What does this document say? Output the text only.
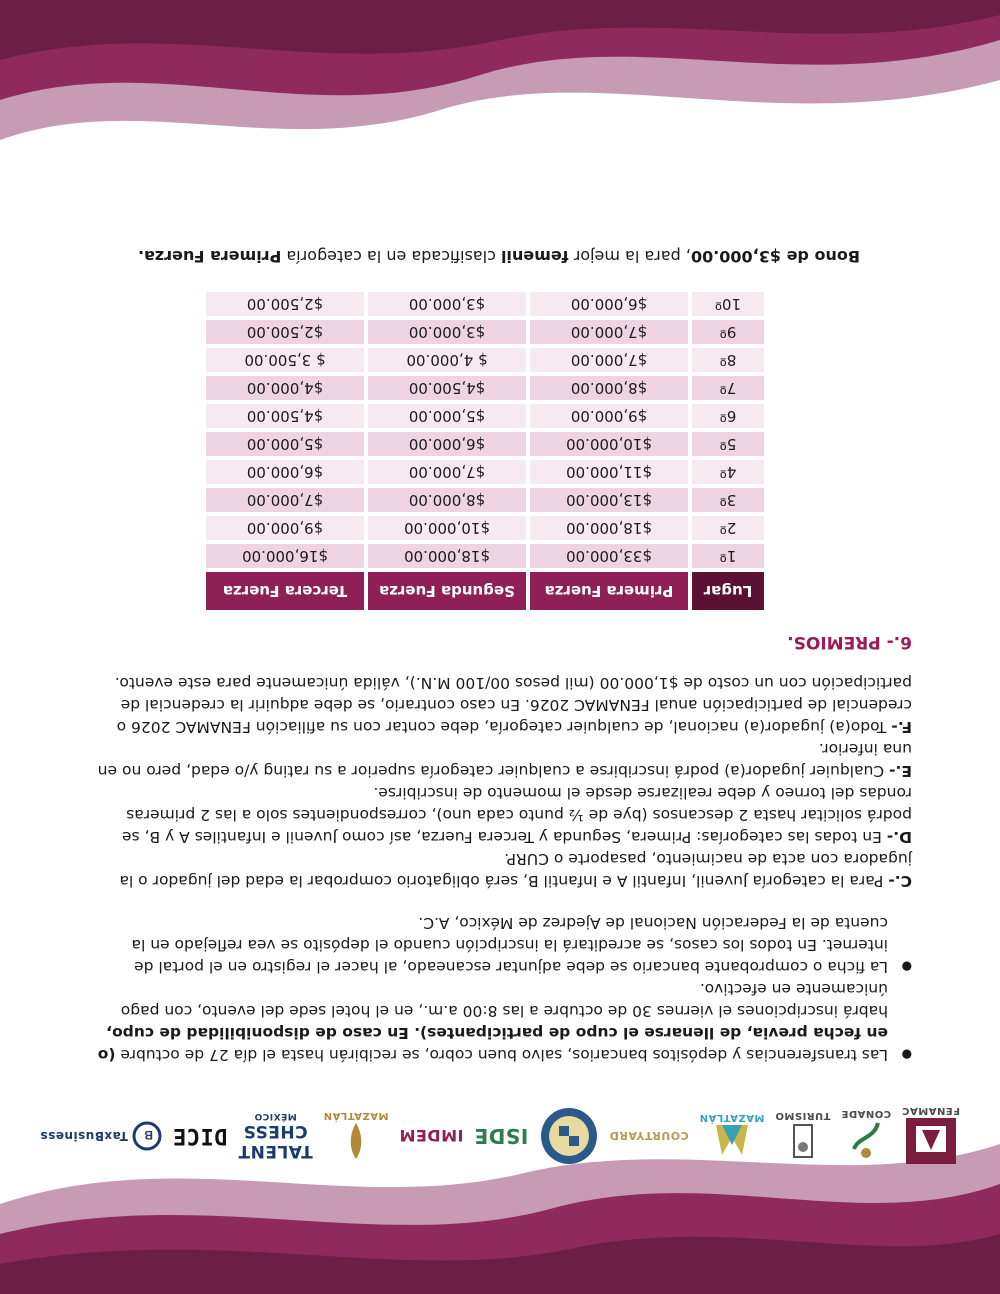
FENAMAC
CONADE
TURISMO
MAZATLÁN
COURTYARD
ISDE
IMDEM
MAZATLÁN
TALENT
CHESS
MÉXICO
DICE
B
TaxBusiness
● Las transferencias y depósitos bancarios, salvo buen cobro, se recibirán hasta el día 27 de octubre (o en fecha previa, de llenarse el cupo de participantes). En caso de disponibilidad de cupo, habrá inscripciones el viernes 30 de octubre a las 8:00 a.m., en el hotel sede del evento, con pago únicamente en efectivo.
● La ficha o comprobante bancario se debe adjuntar escaneado, al hacer el registro en el portal de internet. En todos los casos, se acreditará la inscripción cuando el depósito se vea reflejado en la cuenta de la Federación Nacional de Ajedrez de México, A.C.

C.- Para la categoría Juvenil, Infantil A e Infantil B, será obligatorio comprobar la edad del jugador o la jugadora con acta de nacimiento, pasaporte o CURP.

D.- En todas las categorías: Primera, Segunda y Tercera Fuerza, así como Juvenil e Infantiles A y B, se podrá solicitar hasta 2 descansos (bye de ½ punto cada uno), correspondientes solo a las 2 primeras rondas del torneo y debe realizarse desde el momento de inscribirse.

E.- Cualquier jugador(a) podrá inscribirse a cualquier categoría superior a su rating y/o edad, pero no en una inferior.

F.- Todo(a) jugador(a) nacional, de cualquier categoría, debe contar con su afiliación FENAMAC 2026 o credencial de participación anual FENAMAC 2026. En caso contrario, se debe adquirir la credencial de participación con un costo de $1,000.00 (mil pesos 00/100 M.N.), válida únicamente para este evento.

6.- PREMIOS.
Lugar	Primera Fuerza	Segunda Fuerza	Tercera Fuerza
1º	$33,000.00	$18,000.00	$16,000.00
2º	$18,000.00	$10,000.00	$9,000.00
3º	$13,000.00	$8,000.00	$7,000.00
4º	$11,000.00	$7,000.00	$6,000.00
5º	$10,000.00	$6,000.00	$5,000.00
6º	$9,000.00	$5,000.00	$4,500.00
7º	$8,000.00	$4,500.00	$4,000.00
8º	$7,000.00	$ 4,000.00	$ 3,500.00
9º	$7,000.00	$3,000.00	$2,500.00
10º	$6,000.00	$3,000.00	$2,500.00
Bono de $3,000.00, para la mejor femenil clasificada en la categoría Primera Fuerza.
